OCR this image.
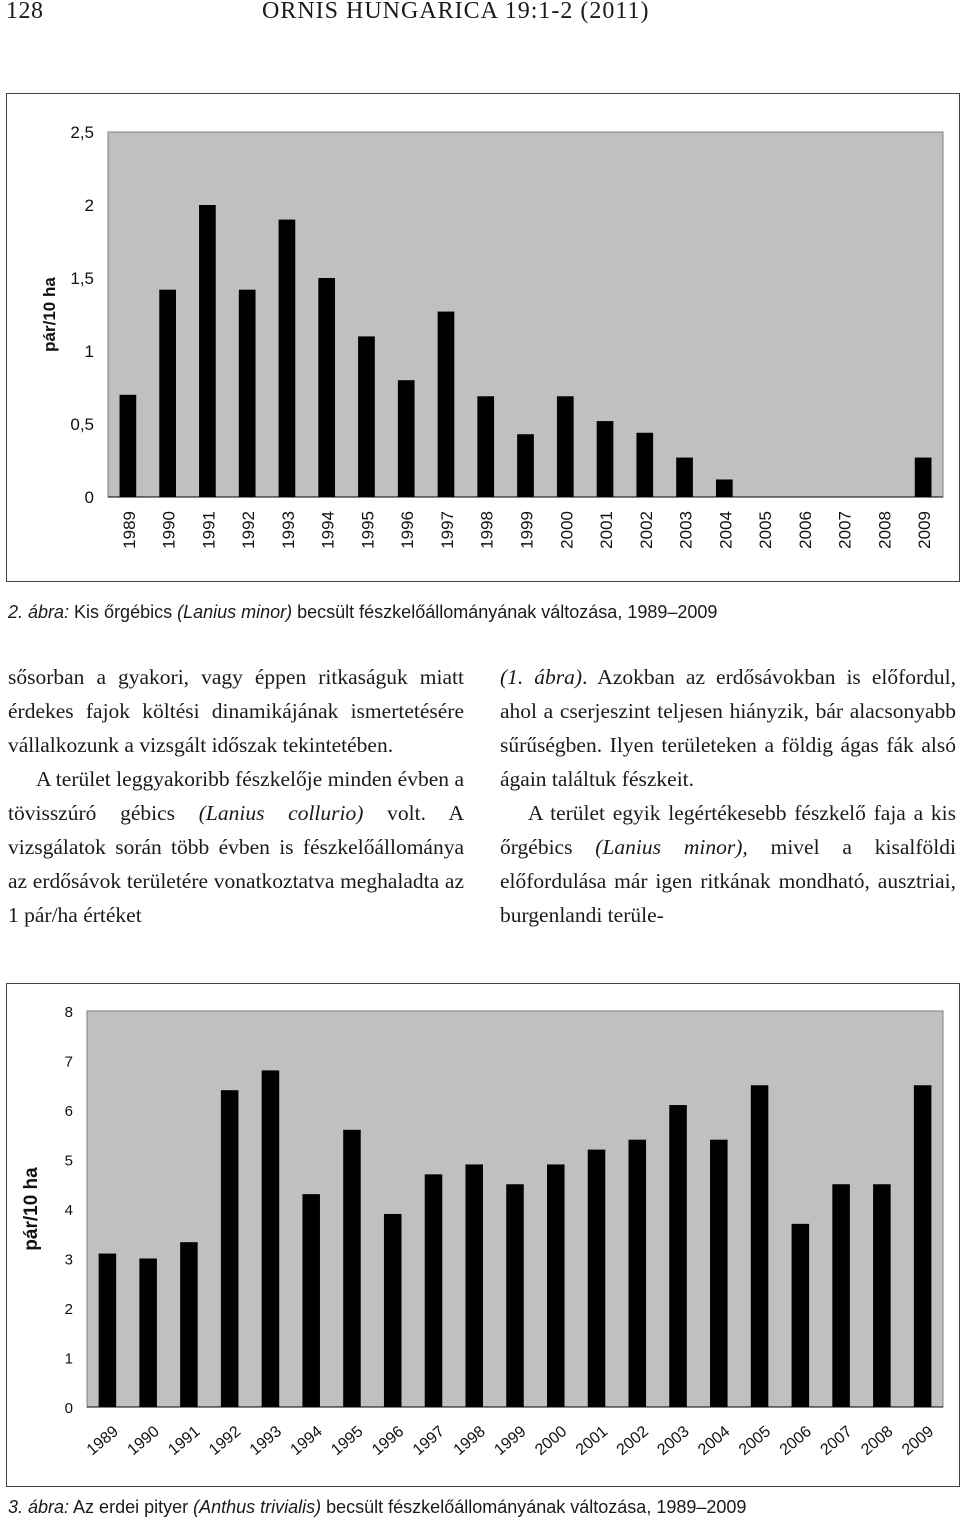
128	ORNIS HUNGARICA 19:1-2 (2011)
0
0,5
1
1,5
2
2,5
pár/10 ha
1989 1990 1991 1992 1993 1994 1995 1996 1997 1998 1999 2000 2001 2002 2003 2004 2005 2006 2007 2008 2009
2. ábra: Kis őrgébics (Lanius minor) becsült fészkelőállományának változása, 1989–2009

sősorban a gyakori, vagy éppen ritkaságuk miatt érdekes fajok költési dinamikájának ismertetésére vállalkozunk a vizsgált időszak tekintetében.

A terület leggyakoribb fészkelője minden évben a tövisszúró gébics (Lanius collurio) volt. A vizsgálatok során több évben is fészkelőállománya az erdősávok területére vonatkoztatva meghaladta az 1 pár/ha értéket

(1. ábra). Azokban az erdősávokban is előfordul, ahol a cserjeszint teljesen hiányzik, bár alacsonyabb sűrűségben. Ilyen területeken a földig ágas fák alsó ágain találtuk fészkeit.

A terület egyik legértékesebb fészkelő faja a kis őrgébics (Lanius minor), mivel a kisalföldi előfordulása már igen ritkának mondható, ausztriai, burgenlandi terüle-

0
1
2
3
4
5
6
7
8
pár/10 ha
1989 1990 1991 1992 1993 1994 1995 1996 1997 1998 1999 2000 2001 2002 2003 2004 2005 2006 2007 2008 2009
3. ábra: Az erdei pityer (Anthus trivialis) becsült fészkelőállományának változása, 1989–2009
